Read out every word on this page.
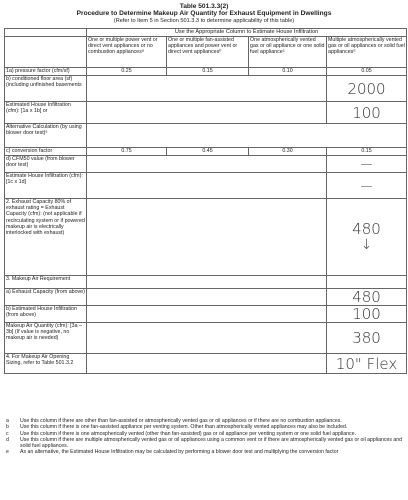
Table 501.3.3(2)
Procedure to Determine Makeup Air Quantity for Exhaust Equipment in Dwellings
(Refer to Item 5 in Section 501.3.3 to determine applicability of this table)
	Use the Appropriate Column to Estimate House Infiltration			
	One or multiple power vent or direct vent appliances or no combustion appliancesᵃ	One or multiple fan-assisted appliances and power vent or direct vent appliancesᵇ	One atmospherically vented gas or oil appliance or one solid fuel applianceᶜ	Multiple atmospherically vented gas or oil appliances or solid fuel appliancesᵈ
1a) pressure factor (cfm/sf)	0.25	0.15	0.10	0.05
b) conditioned floor area (sf) (including unfinished basements				2000
Estimated House Infiltration (cfm): [1a x 1b] or				100
Alternative Calculation (by using blower door test)ᵉ				
c) conversion factor	0.75	0.45	0.30	0.15
d) CFM50 value (from blower door test)				—
Estimate House Infiltration (cfm): [1c x 1d]				—
2. Exhaust Capacity 80% of exhaust rating = Exhaust Capacity (cfm): (not applicable if recirculating system or if powered makeup air is electrically interlocked with exhaust)				480
↓

3. Makeup Air Requirement				
a) Exhaust Capacity (from above)				480
b) Estimated House Infiltration (from above)				100
Makeup Air Quantity (cfm): [3a – 3b] (If value is negative, no makeup air is needed)				380
4. For Makeup Air Opening Sizing, refer to Table 501.3.2				10" Flex
a	Use this column if there are other than fan-assisted or atmospherically vented gas or oil appliances or if there are no combustion appliances.
b	Use this column if there is one fan-assisted appliance per venting system. Other than atmospherically vented appliances may also be included.
c	Use this column if there is one atmospherically vented (other than fan-assisted) gas or oil appliance per venting system or one solid fuel appliance.
d	Use this column if there are multiple atmospherically vented gas or oil appliances using a common vent or if there are atmospherically vented gas or oil appliances and solid fuel appliances.
e	As an alternative, the Estimated House Infiltration may be calculated by performing a blower door test and multiplying the conversion factor
